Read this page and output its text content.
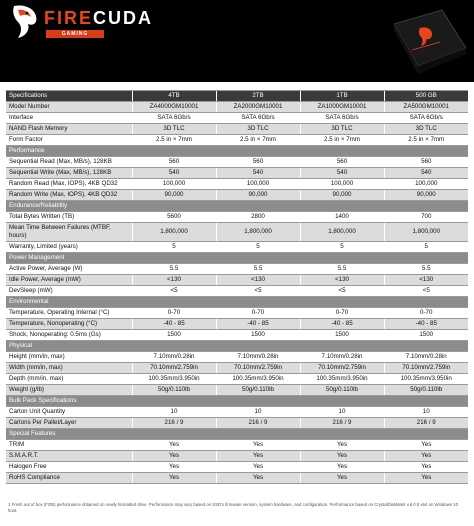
FIRECUDA
GAMING
Specifications	4TB	2TB	1TB	500 GB
Model Number	ZA4000GM10001	ZA2000GM10001	ZA1000GM10001	ZA500GM10001
Interface	SATA 6Gb/s	SATA 6Gb/s	SATA 6Gb/s	SATA 6Gb/s
NAND Flash Memory	3D TLC	3D TLC	3D TLC	3D TLC
Form Factor	2.5 in × 7mm	2.5 in × 7mm	2.5 in × 7mm	2.5 in × 7mm
Performance				
Sequential Read (Max, MB/s), 128KB	560	560	560	560
Sequential Write (Max, MB/s), 128KB	540	540	540	540
Random Read (Max, IOPS), 4KB QD32	100,000	100,000	100,000	100,000
Random Write (Max, IOPS), 4KB QD32	90,000	90,000	90,000	90,000
Endurance/Reliability				
Total Bytes Written (TB)	5600	2800	1400	700
Mean Time Between Failures (MTBF, hours)	1,800,000	1,800,000	1,800,000	1,800,000
Warranty, Limited (years)	5	5	5	5
Power Management				
Active Power, Average (W)	5.5	5.5	5.5	5.5
Idle Power, Average (mW)	<130	<130	<130	<130
DevSleep (mW)	<5	<5	<5	<5
Environmental				
Temperature, Operating Internal (°C)	0-70	0-70	0-70	0-70
Temperature, Nonoperating (°C)	-40 - 85	-40 - 85	-40 - 85	-40 - 85
Shock, Nonoperating: 0.5ms (Gs)	1500	1500	1500	1500
Physical				
Height (mm/in, max)	7.10mm/0.28in	7.10mm/0.28in	7.10mm/0.28in	7.10mm/0.28in
Width (mm/in, max)	70.10mm/2.759in	70.10mm/2.759in	70.10mm/2.759in	70.10mm/2.759in
Depth (mm/in, max)	100.35mm/3.950in	100.35mm/3.950in	100.35mm/3.950in	100.35mm/3.950in
Weight (g/lb)	50g/0.110lb	50g/0.110lb	50g/0.110lb	50g/0.110lb
Bulk Pack Specifications				
Carton Unit Quantity	10	10	10	10
Cartons Per Pallet/Layer	216 / 9	216 / 9	216 / 9	216 / 9
Special Features				
TRIM	Yes	Yes	Yes	Yes
S.M.A.R.T.	Yes	Yes	Yes	Yes
Halogen Free	Yes	Yes	Yes	Yes
RoHS Compliance	Yes	Yes	Yes	Yes
1 Fresh out of box (FOB) performance obtained on newly formatted drive. Performance may vary based on SSD's firmware version, system hardware, and configuration. Performance based on CrystalDiskMark v.6.0.0 x64 on Windows 10 host.
